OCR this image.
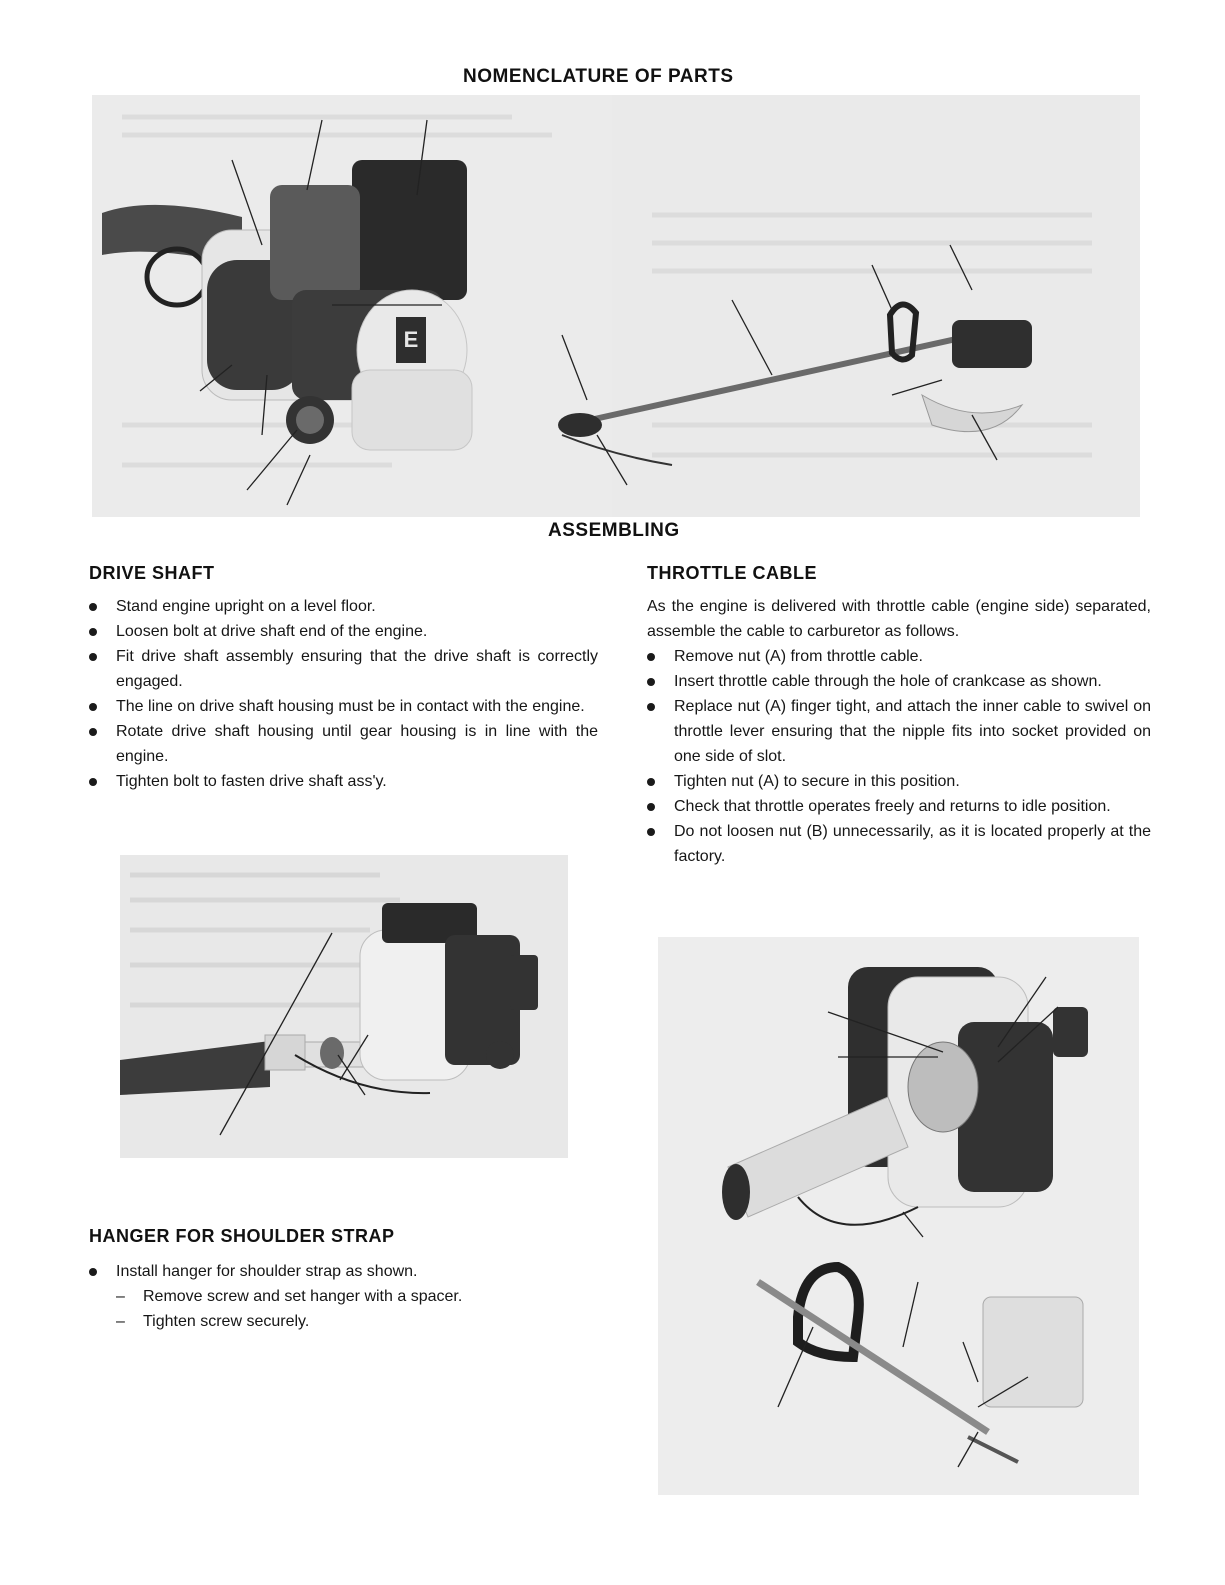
NOMENCLATURE OF PARTS
E
ASSEMBLING
DRIVE SHAFT
Stand engine upright on a level floor.
Loosen bolt at drive shaft end of the engine.
Fit drive shaft assembly ensuring that the drive shaft is correctly engaged.
The line on drive shaft housing must be in contact with the engine.
Rotate drive shaft housing until gear housing is in line with the engine.
Tighten bolt to fasten drive shaft ass'y.
HANGER FOR SHOULDER STRAP
Install hanger for shoulder strap as shown.
– Remove screw and set hanger with a spacer.
– Tighten screw securely.
THROTTLE CABLE

As the engine is delivered with throttle cable (engine side) separated, assemble the cable to carburetor as follows.

Remove nut (A) from throttle cable.
Insert throttle cable through the hole of crankcase as shown.
Replace nut (A) finger tight, and attach the inner cable to swivel on throttle lever ensuring that the nipple fits into socket provided on one side of slot.
Tighten nut (A) to secure in this position.
Check that throttle operates freely and returns to idle position.
Do not loosen nut (B) unnecessarily, as it is located properly at the factory.
